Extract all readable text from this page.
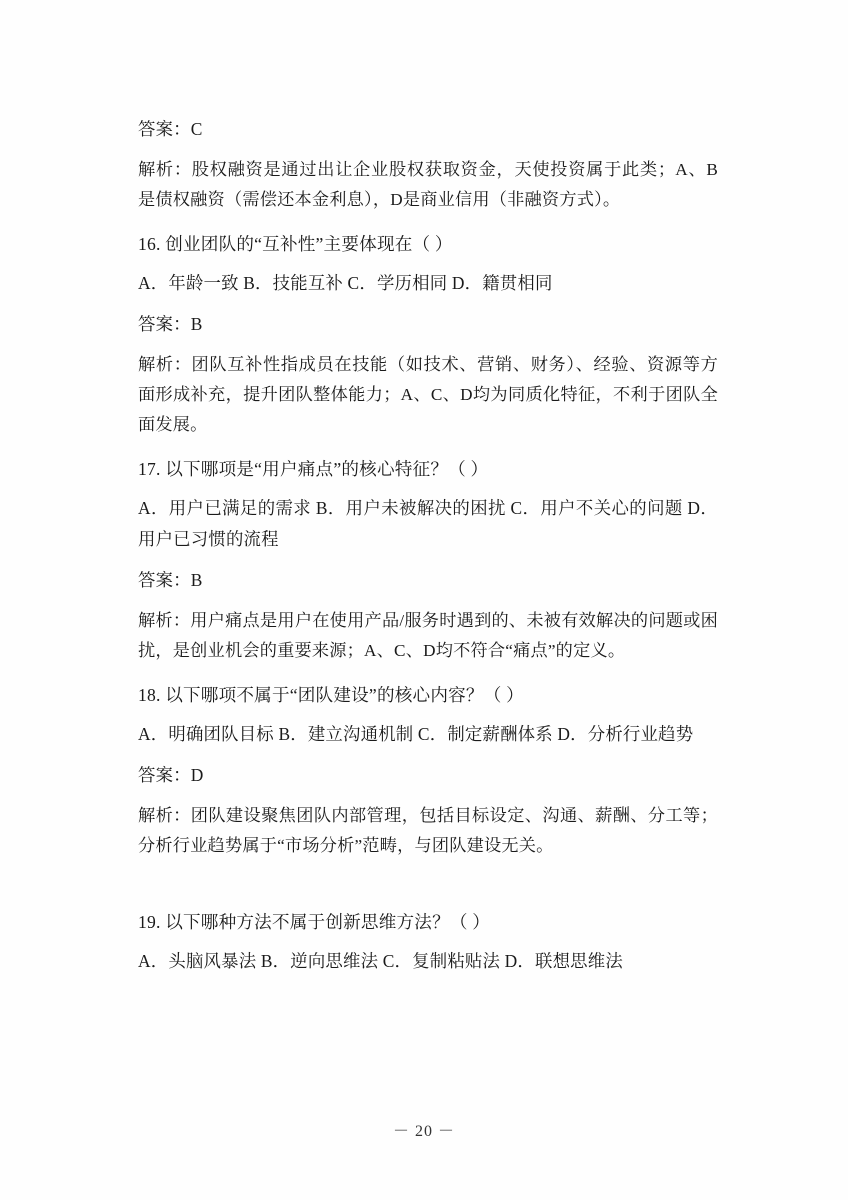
答案：C

解析：股权融资是通过出让企业股权获取资金，天使投资属于此类；A、B是债权融资（需偿还本金利息），D是商业信用（非融资方式）。

16. 创业团队的“互补性”主要体现在（ ）

A．年龄一致 B．技能互补 C．学历相同 D．籍贯相同

答案：B

解析：团队互补性指成员在技能（如技术、营销、财务）、经验、资源等方面形成补充，提升团队整体能力；A、C、D均为同质化特征，不利于团队全面发展。

17. 以下哪项是“用户痛点”的核心特征？（ ）

A．用户已满足的需求 B．用户未被解决的困扰 C．用户不关心的问题 D．用户已习惯的流程

答案：B

解析：用户痛点是用户在使用产品/服务时遇到的、未被有效解决的问题或困扰，是创业机会的重要来源；A、C、D均不符合“痛点”的定义。

18. 以下哪项不属于“团队建设”的核心内容？（ ）

A．明确团队目标 B．建立沟通机制 C．制定薪酬体系 D．分析行业趋势

答案：D

解析：团队建设聚焦团队内部管理，包括目标设定、沟通、薪酬、分工等；分析行业趋势属于“市场分析”范畴，与团队建设无关。

19. 以下哪种方法不属于创新思维方法？（ ）

A．头脑风暴法 B．逆向思维法 C．复制粘贴法 D．联想思维法

－ 20 －
